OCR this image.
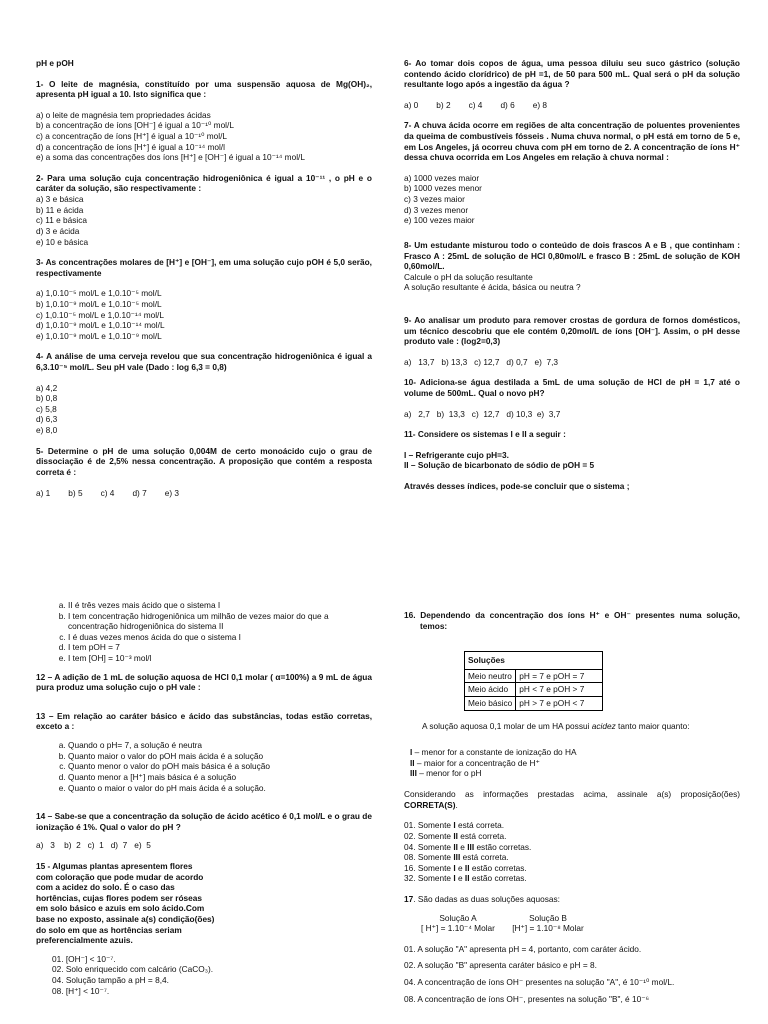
pH e pOH

1- O leite de magnésia, constituído por uma suspensão aquosa de Mg(OH)₂, apresenta pH igual a 10. Isto significa que :

a) o leite de magnésia tem propriedades ácidas
b) a concentração de íons [OH⁻] é igual a 10⁻¹⁰ mol/L
c) a concentração de íons [H⁺] é igual a 10⁻¹⁰ mol/L
d) a concentração de íons [H⁺] é igual a 10⁻¹⁴ mol/l
e) a soma das concentrações dos íons [H⁺] e [OH⁻] é igual a 10⁻¹⁴ mol/L

2- Para uma solução cuja concentração hidrogeniônica é igual a 10⁻¹¹ , o pH e o caráter da solução, são respectivamente :

a) 3 e básica
b) 11 e ácida
c) 11 e básica
d) 3 e ácida
e) 10 e básica

3- As concentrações molares de [H⁺] e [OH⁻], em uma solução cujo pOH é 5,0 serão, respectivamente

a) 1,0.10⁻⁵ mol/L e 1,0.10⁻⁵ mol/L
b) 1,0.10⁻⁹ mol/L e 1,0.10⁻⁵ mol/L
c) 1,0.10⁻⁵ mol/L e 1,0.10⁻¹⁴ mol/L
d) 1,0.10⁻⁹ mol/L e 1,0.10⁻¹⁴ mol/L
e) 1,0.10⁻⁹ mol/L e 1,0.10⁻⁹ mol/L

4- A análise de uma cerveja revelou que sua concentração hidrogeniônica é igual a 6,3.10⁻⁵ mol/L. Seu pH vale (Dado : log 6,3 = 0,8)

a) 4,2
b) 0,8
c) 5,8
d) 6,3
e) 8,0

5- Determine o pH de uma solução 0,004M de certo monoácido cujo o grau de dissociação é de 2,5% nessa concentração. A proposição que contém a resposta correta é :

a) 1 b) 5 c) 4 d) 7 e) 3

6- Ao tomar dois copos de água, uma pessoa diluiu seu suco gástrico (solução contendo ácido clorídrico) de pH =1, de 50 para 500 mL. Qual será o pH da solução resultante logo após a ingestão da água ?

a) 0 b) 2 c) 4 d) 6 e) 8

7- A chuva ácida ocorre em regiões de alta concentração de poluentes provenientes da queima de combustíveis fósseis . Numa chuva normal, o pH está em torno de 5 e, em Los Angeles, já ocorreu chuva com pH em torno de 2. A concentração de íons H⁺ dessa chuva ocorrida em Los Angeles em relação à chuva normal :

a) 1000 vezes maior
b) 1000 vezes menor
c) 3 vezes maior
d) 3 vezes menor
e) 100 vezes maior

8- Um estudante misturou todo o conteúdo de dois frascos A e B , que continham : Frasco A : 25mL de solução de HCl 0,80mol/L e frasco B : 25mL de solução de KOH 0,60mol/L.

Calcule o pH da solução resultante
A solução resultante é ácida, básica ou neutra ?

9- Ao analisar um produto para remover crostas de gordura de fornos domésticos, um técnico descobriu que ele contém 0,20mol/L de íons [OH⁻]. Assim, o pH desse produto vale : (log2=0,3)

a)   13,7   b) 13,3   c) 12,7   d) 0,7   e)  7,3

10- Adiciona-se água destilada a 5mL de uma solução de HCl de pH = 1,7 até o volume de 500mL. Qual o novo pH?

a)   2,7   b)  13,3   c)  12,7   d) 10,3  e)  3,7

11- Considere os sistemas I e II a seguir :

I – Refrigerante cujo pH=3.

II – Solução de bicarbonato de sódio de pOH = 5

Através desses índices, pode-se concluir que o sistema ;

a. II é três vezes mais ácido que o sistema I
b. I tem concentração hidrogeniônica um milhão de vezes maior do que a concentração hidrogeniônica do sistema II
c. I é duas vezes menos ácida do que o sistema I
d. I tem pOH = 7
e. I tem [OH] = 10⁻³ mol/l

12 – A adição de 1 mL de solução aquosa de HCl 0,1 molar ( α=100%) a 9 mL de água pura produz uma solução cujo o pH vale :

13 – Em relação ao caráter básico e ácido das substâncias, todas estão corretas, exceto a :

a. Quando o pH= 7, a solução é neutra
b. Quanto maior o valor do pOH mais ácida é a solução
c. Quanto menor o valor do pOH mais básica é a solução
d. Quanto menor a [H⁺] mais básica é a solução
e. Quanto o maior o valor do pH mais ácida é a solução.

14 – Sabe-se que a concentração da solução de ácido acético é 0,1 mol/L e o grau de ionização é 1%. Qual o valor do pH ?

a)   3    b)  2   c)  1   d)  7   e)  5
15 - Algumas plantas apresentem flores
com coloração que pode mudar de acordo
com a acidez do solo. É o caso das
hortências, cujas flores podem ser róseas
em solo básico e azuis em solo ácido.Com
base no exposto, assinale a(s) condição(ões)
do solo em que as hortências seriam
preferencialmente azuis.
01. [OH⁻] < 10⁻⁷.
02. Solo enriquecido com calcário (CaCO₃).
04. Solução tampão a pH = 8,4.
08. [H⁺] < 10⁻⁷.

16. Dependendo da concentração dos íons H⁺ e OH⁻ presentes numa solução, temos:

Soluções	
Meio neutro	pH = 7 e pOH = 7
Meio ácido	pH < 7 e pOH > 7
Meio básico	pH > 7 e pOH < 7
A solução aquosa 0,1 molar de um HA possui acidez tanto maior quanto:
I – menor for a constante de ionização do HA
II – maior for a concentração de H⁺
III – menor for o pH
Considerando as informações prestadas acima, assinale a(s) proposição(ões) CORRETA(S).
01. Somente I está correta.
02. Somente II está correta.
04. Somente II e III estão corretas.
08. Somente III está correta.
16. Somente I e II estão corretas.
32. Somente I e II estão corretas.
17. São dadas as duas soluções aquosas:
Solução A
[ H⁺] = 1.10⁻⁴ Molar
Solução B
[H⁺] = 1.10⁻⁸ Molar
01. A solução "A" apresenta pH = 4, portanto, com caráter ácido.
02. A solução "B" apresenta caráter básico e pH = 8.
04. A concentração de íons OH⁻ presentes na solução "A", é 10⁻¹⁰ mol/L.
08. A concentração de íons OH⁻, presentes na solução "B", é 10⁻⁶
